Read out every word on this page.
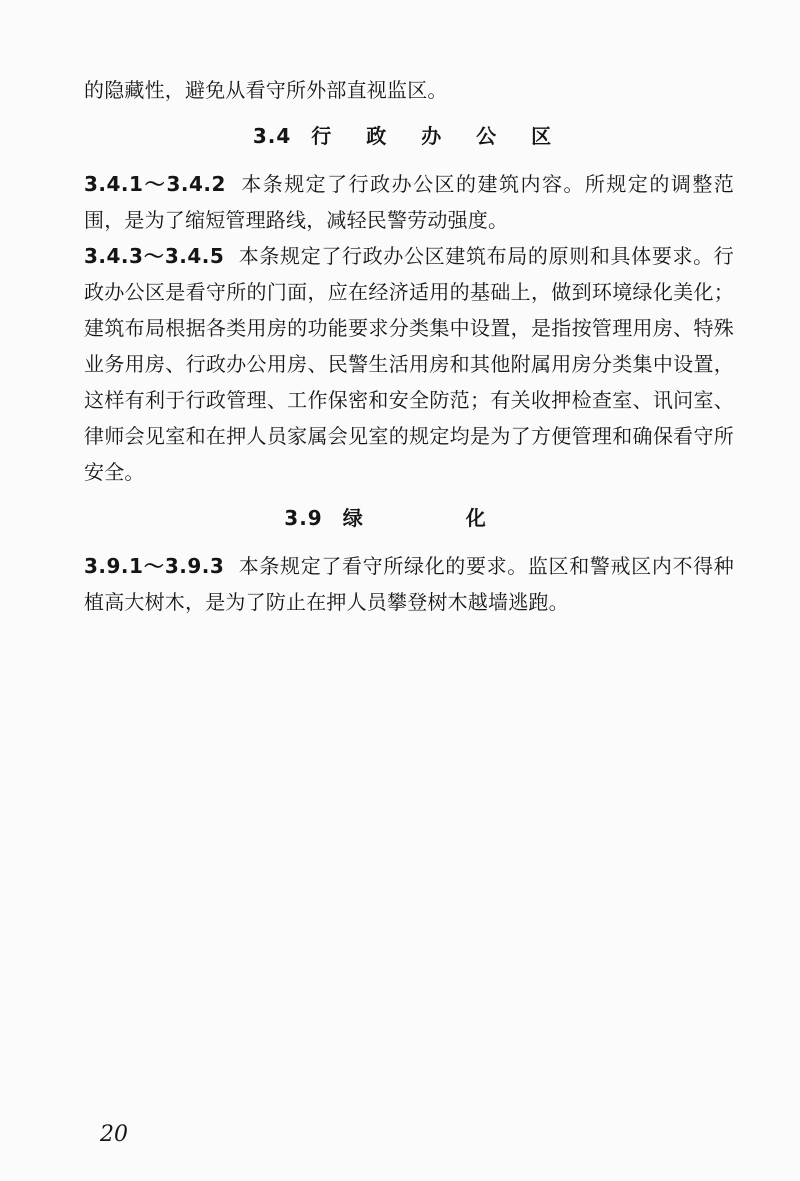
的隐藏性，避免从看守所外部直视监区。

3.4 行 政 办 公 区

3.4.1～3.4.2 本条规定了行政办公区的建筑内容。所规定的调整范围，是为了缩短管理路线，减轻民警劳动强度。

3.4.3～3.4.5 本条规定了行政办公区建筑布局的原则和具体要求。行政办公区是看守所的门面，应在经济适用的基础上，做到环境绿化美化；建筑布局根据各类用房的功能要求分类集中设置，是指按管理用房、特殊业务用房、行政办公用房、民警生活用房和其他附属用房分类集中设置，这样有利于行政管理、工作保密和安全防范；有关收押检查室、讯问室、律师会见室和在押人员家属会见室的规定均是为了方便管理和确保看守所安全。

3.9 绿 化

3.9.1～3.9.3 本条规定了看守所绿化的要求。监区和警戒区内不得种植高大树木，是为了防止在押人员攀登树木越墙逃跑。

20
